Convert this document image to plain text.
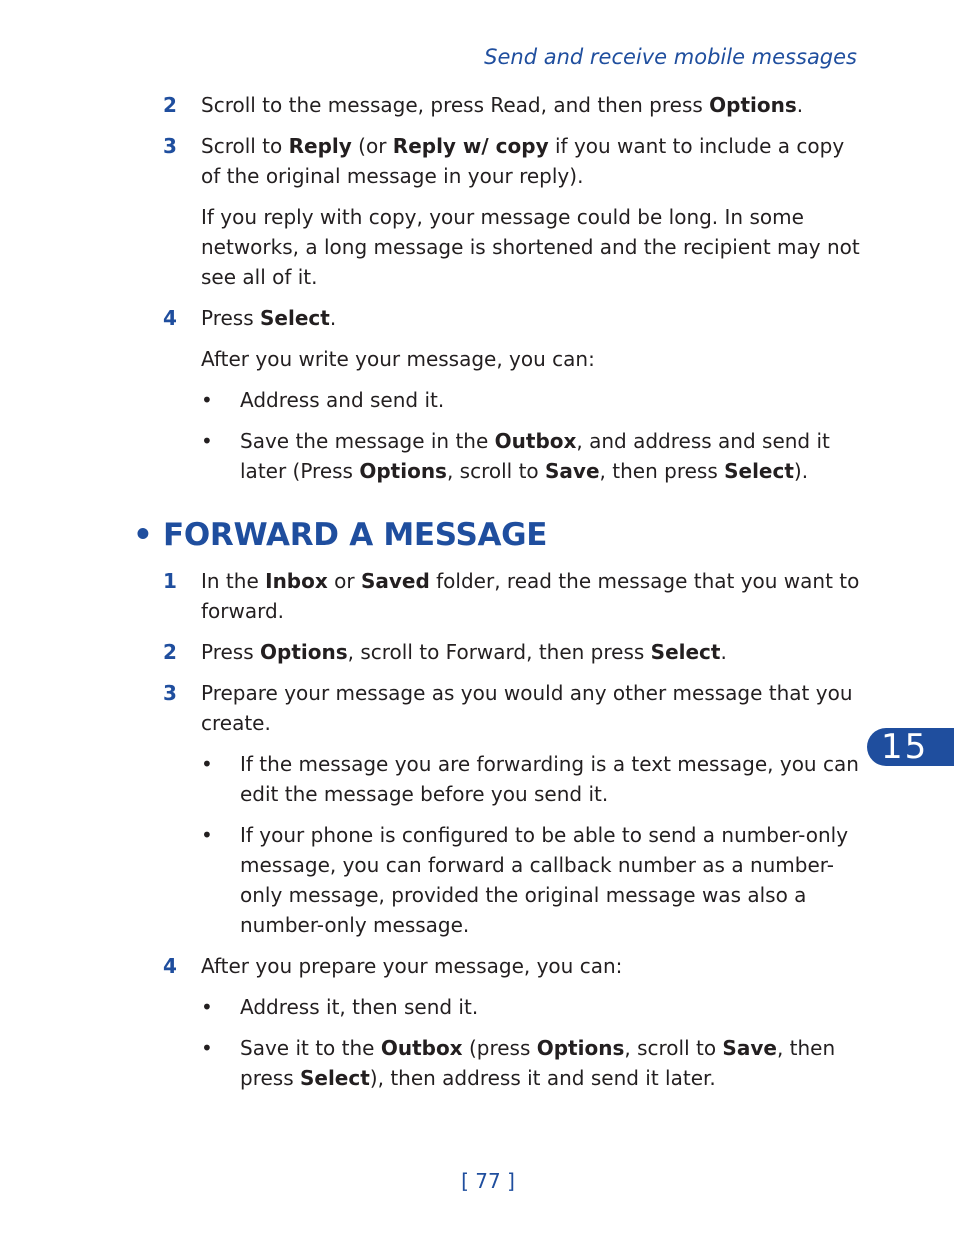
Send and receive mobile messages
2 Scroll to the message, press Read, and then press Options.
3 Scroll to Reply (or Reply w/ copy if you want to include a copy of the original message in your reply).
If you reply with copy, your message could be long. In some networks, a long message is shortened and the recipient may not see all of it.
4 Press Select.
After you write your message, you can:
• Address and send it.
• Save the message in the Outbox, and address and send it later (Press Options, scroll to Save, then press Select).
• FORWARD A MESSAGE
1 In the Inbox or Saved folder, read the message that you want to forward.
2 Press Options, scroll to Forward, then press Select.
3 Prepare your message as you would any other message that you create.
• If the message you are forwarding is a text message, you can edit the message before you send it.
• If your phone is configured to be able to send a number-only message, you can forward a callback number as a number-only message, provided the original message was also a number-only message.
4 After you prepare your message, you can:
• Address it, then send it.
• Save it to the Outbox (press Options, scroll to Save, then press Select), then address it and send it later.
15
[ 77 ]
